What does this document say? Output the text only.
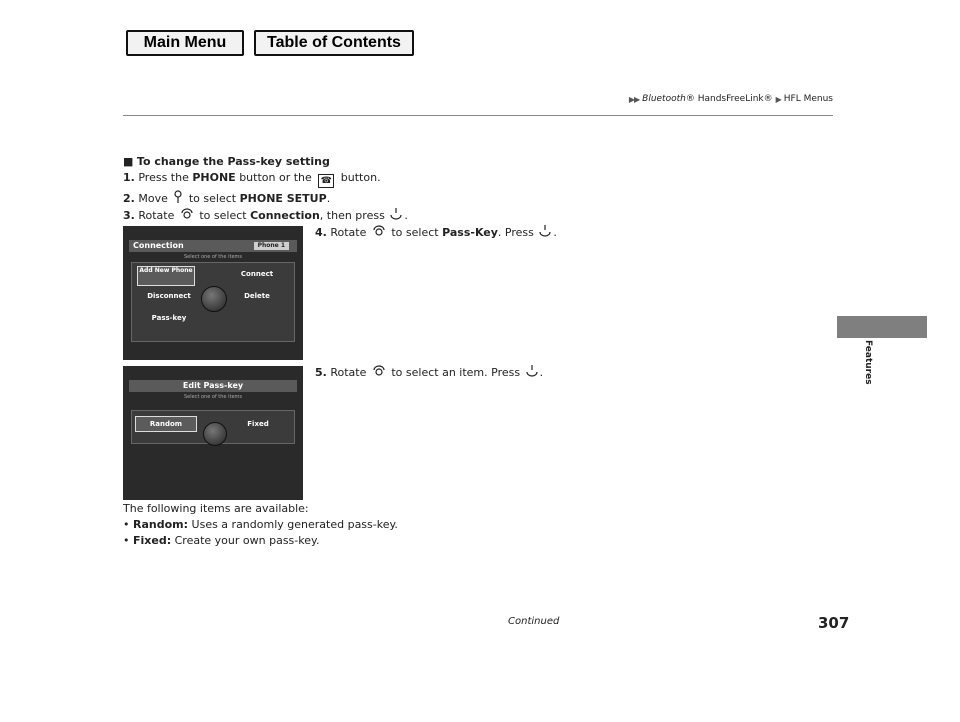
Main Menu	Table of Contents
▶▶ Bluetooth® HandsFreeLink® ▶ HFL Menus
Features
■ To change the Pass-key setting
1. Press the PHONE button or the ☎ button.
2. Move to select PHONE SETUP.
3. Rotate to select Connection, then press .
4. Rotate to select Pass-Key. Press .
Connection	Phone 1
Select one of the items
Add New Phone	Connect
Disconnect	Delete
Pass-key
5. Rotate to select an item. Press .
Edit Pass-key
Select one of the items
Random	Fixed
The following items are available:
• Random: Uses a randomly generated pass-key.
• Fixed: Create your own pass-key.
Continued	307
